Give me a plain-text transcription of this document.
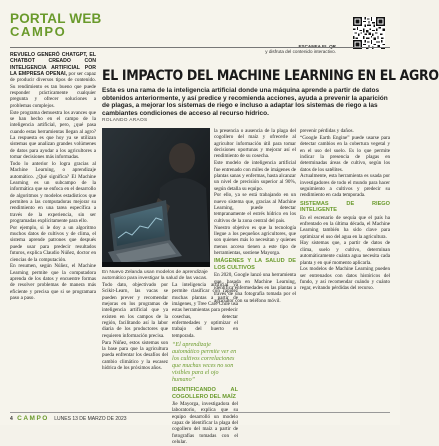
PORTAL WEB
CAMPO

y disfruta del contenido interactivo.

REVUELO GENERÓ CHATGPT, EL CHATBOT CREADO CON INTELIGENCIA ARTIFICIAL POR LA EMPRESA OPENAI, por ser capaz de producir diversos tipos de contenido. Su rendimiento es tan bueno que puede responder prácticamente cualquier pregunta y ofrecer soluciones a problemas complejos.

Este programa demuestra los avances que se han hecho en el campo de la inteligencia artificial, pero, ¿qué pasa cuando estas herramientas llegan al agro? La respuesta es que hoy ya se utilizan sistemas que analizan grandes volúmenes de datos para ayudar a los agricultores a tomar decisiones más informadas.

Todo lo anterior lo logra gracias al Machine Learning, o aprendizaje automático. ¿Qué significa? El Machine Learning es un subcampo de la informática que se enfoca en el desarrollo de algoritmos y modelos estadísticos que permiten a las computadoras mejorar su rendimiento en una tarea específica a través de la experiencia, sin ser programadas explícitamente para ello.

Por ejemplo, si le doy a un algoritmo muchos datos de cultivos y de clima, el sistema aprende patrones que después puede usar para predecir resultados futuros, explica Claudio Núñez, doctor en ciencias de la computación.

En resumen, según Núñez, el Machine Learning permite que la computadora aprenda de los datos y encuentre formas de resolver problemas de manera más eficiente y precisa que si se programara paso a paso.

EL IMPACTO DEL MACHINE LEARNING EN EL AGRO
Esta es una rama de la inteligencia artificial donde una máquina aprende a partir de datos obtenidos anteriormente, y así predice y recomienda acciones, ayuda a prevenir la aparición de plagas, a mejorar los sistemas de riego e incluso a adaptar los sistemas de riego a las cambiantes condiciones de acceso al recurso hídrico.
ROLANDO ARAOS
En Nuevo Zelanda usan modelos de aprendizaje automático para investigar la salud de las vacas.

Todo dato, objectivado por Scikit-Learn, las vacas se pueden prever y recomendar mejoras en los programas de inteligencia artificial que ya existen en los campos de la región, facilitando así la labor diaria de los productores que requieren información precisa.

Para Núñez, estos sistemas son la base para que la agricultura pueda enfrentar los desafíos del cambio climático y la escasez hídrica de los próximos años.

La inteligencia artificial ya permite clasificar con rapidez muchas plantas a partir de imágenes, y Tree Care Chile usa estas herramientas para predecir cosechas, detectar enfermedades y optimizar el trabajo del huerto en temporada.

“El aprendizaje automático permite ver en los cultivos correlaciones que muchas veces no son visibles para el ojo humano”
IDENTIFICANDO AL COGOLLERO DEL MAÍZ

Jie Mayorga, investigadora del laboratorio, explica que su equipo desarrolló un modelo capaz de identificar la plaga del cogollero del maíz a partir de fotografías tomadas con el celular.

la presencia o ausencia de la plaga del cogollero del maíz y ofrecerle al agricultor información útil para tomar decisiones oportunas y mejorar así el rendimiento de su cosecha.

Este modelo de inteligencia artificial fue entrenado con miles de imágenes de plantas sanas y enfermas, hasta alcanzar un nivel de precisión superior al 90%, según detalla su equipo.

Por ello, ya se está trabajando en un nuevo sistema que, gracias al Machine Learning, puede detectar tempranamente el estrés hídrico en los cultivos de la zona central del país.

Nuestro objetivo es que la tecnología llegue a los pequeños agricultores, que son quienes más lo necesitan y quienes menos acceso tienen a este tipo de herramientas, sostiene Mayorga.

IMÁGENES Y LA SALUD DE LOS CULTIVOS

En 2020, Google lanzó una herramienta que, basada en Machine Learning, identifica enfermedades en las plantas a través de una fotografía tomada por el agricultor con su teléfono móvil.

prevenir pérdidas y daños.

“Google Earth Engine” puede usarse para detectar cambios en la cobertura vegetal y en el uso del suelo. Es lo que permite indicar la presencia de plagas en determinadas áreas de cultivo, según los datos de los satélites.

Actualmente, esta herramienta es usada por investigadores de todo el mundo para hacer seguimiento a cultivos y predecir su rendimiento en cada temporada.

SISTEMAS DE RIEGO INTELIGENTE

En el escenario de sequía que el país ha enfrentado en la última década, el Machine Learning también ha sido clave para optimizar el uso del agua en la agricultura.

Hay sistemas que, a partir de datos de clima, suelo y cultivo, determinan automáticamente cuánta agua necesita cada planta y en qué momento aplicarla.

Los modelos de Machine Learning pueden ser entrenados con datos históricos del fundo, y así recomendar cuándo y cuánto regar, evitando pérdidas del recurso.

4 CAMPO LUNES 13 DE MARZO DE 2023
